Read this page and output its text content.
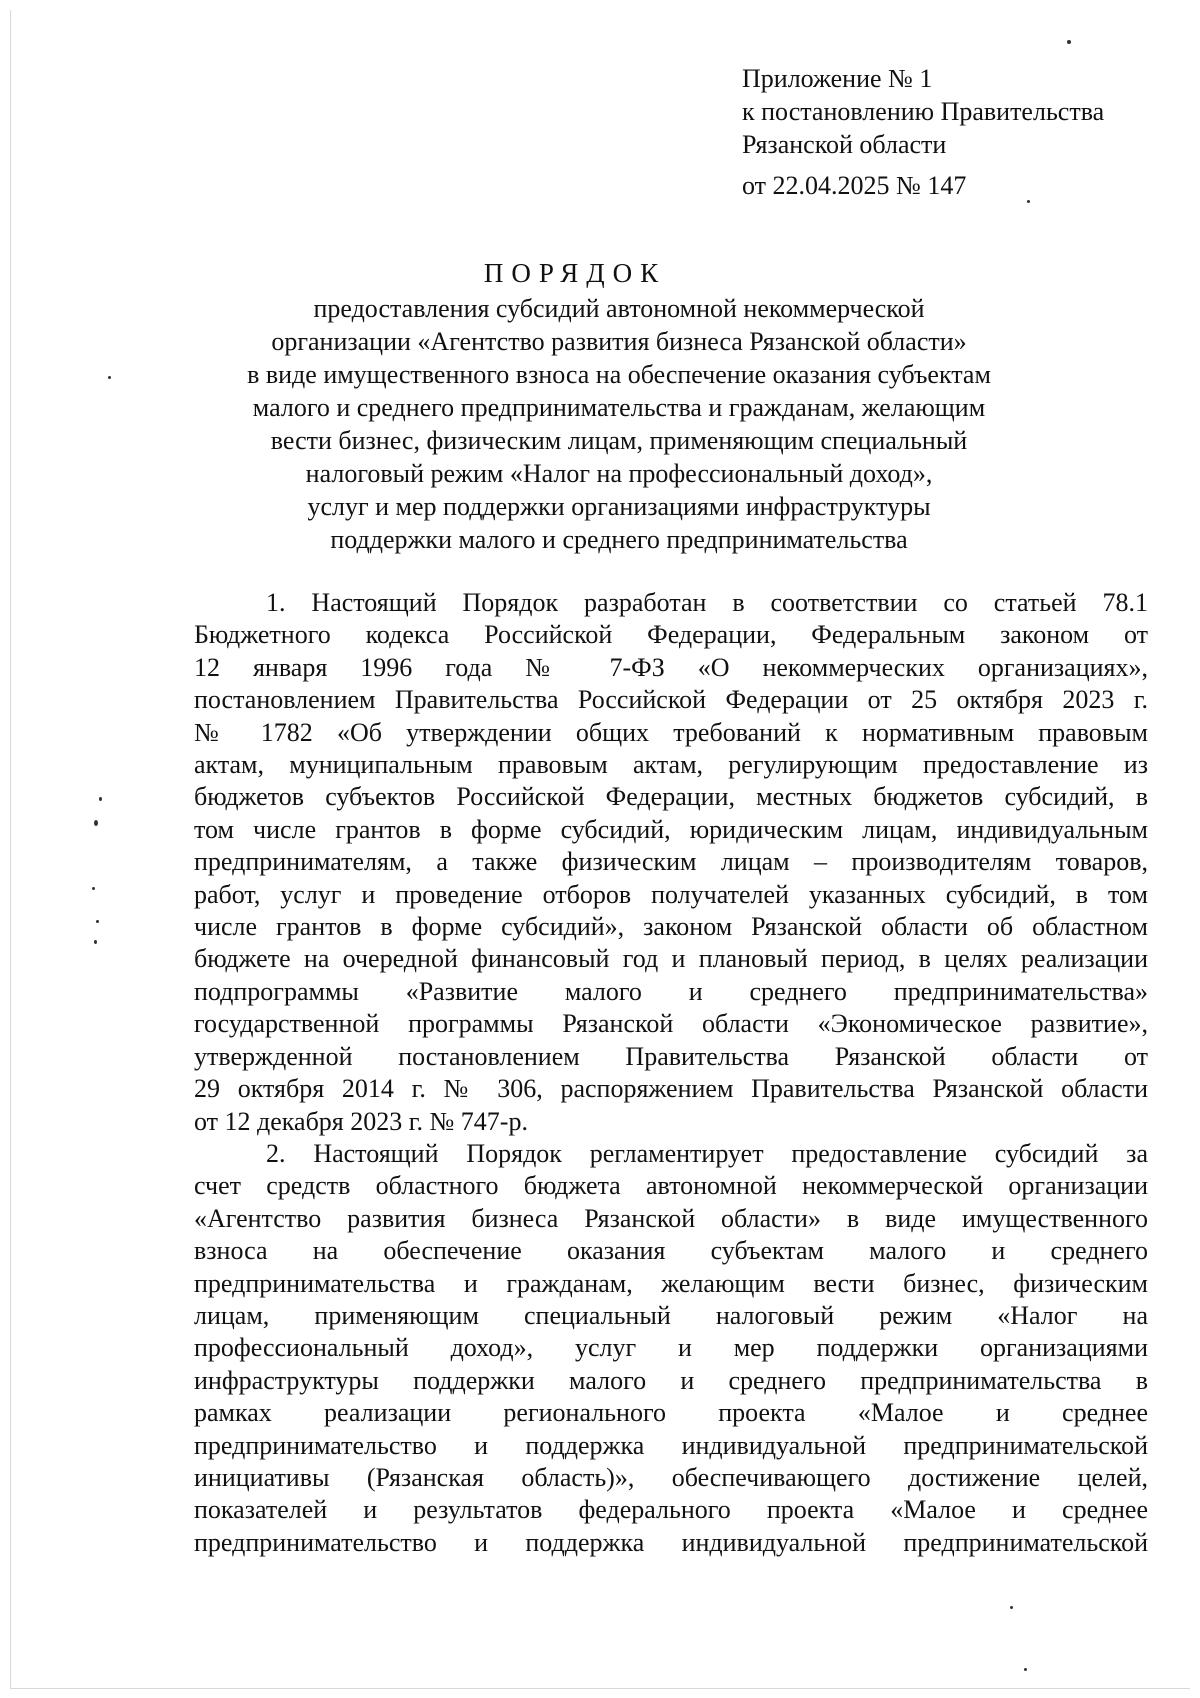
Приложение № 1
к постановлению Правительства
Рязанской области
от 22.04.2025 № 147
ПОРЯДОК
предоставления субсидий автономной некоммерческой
организации «Агентство развития бизнеса Рязанской области»
в виде имущественного взноса на обеспечение оказания субъектам
малого и среднего предпринимательства и гражданам, желающим
вести бизнес, физическим лицам, применяющим специальный
налоговый режим «Налог на профессиональный доход»,
услуг и мер поддержки организациями инфраструктуры
поддержки малого и среднего предпринимательства
1. Настоящий Порядок разработан в соответствии со статьей 78.1
Бюджетного кодекса Российской Федерации, Федеральным законом от
12 января 1996 года № 7-ФЗ «О некоммерческих организациях»,
постановлением Правительства Российской Федерации от 25 октября 2023 г.
№ 1782 «Об утверждении общих требований к нормативным правовым
актам, муниципальным правовым актам, регулирующим предоставление из
бюджетов субъектов Российской Федерации, местных бюджетов субсидий, в
том числе грантов в форме субсидий, юридическим лицам, индивидуальным
предпринимателям, а также физическим лицам – производителям товаров,
работ, услуг и проведение отборов получателей указанных субсидий, в том
числе грантов в форме субсидий», законом Рязанской области об областном
бюджете на очередной финансовый год и плановый период, в целях реализации
подпрограммы «Развитие малого и среднего предпринимательства»
государственной программы Рязанской области «Экономическое развитие»,
утвержденной постановлением Правительства Рязанской области от
29 октября 2014 г. № 306, распоряжением Правительства Рязанской области
от 12 декабря 2023 г. № 747-р.
2. Настоящий Порядок регламентирует предоставление субсидий за
счет средств областного бюджета автономной некоммерческой организации
«Агентство развития бизнеса Рязанской области» в виде имущественного
взноса на обеспечение оказания субъектам малого и среднего
предпринимательства и гражданам, желающим вести бизнес, физическим
лицам, применяющим специальный налоговый режим «Налог на
профессиональный доход», услуг и мер поддержки организациями
инфраструктуры поддержки малого и среднего предпринимательства в
рамках реализации регионального проекта «Малое и среднее
предпринимательство и поддержка индивидуальной предпринимательской
инициативы (Рязанская область)», обеспечивающего достижение целей,
показателей и результатов федерального проекта «Малое и среднее
предпринимательство и поддержка индивидуальной предпринимательской
